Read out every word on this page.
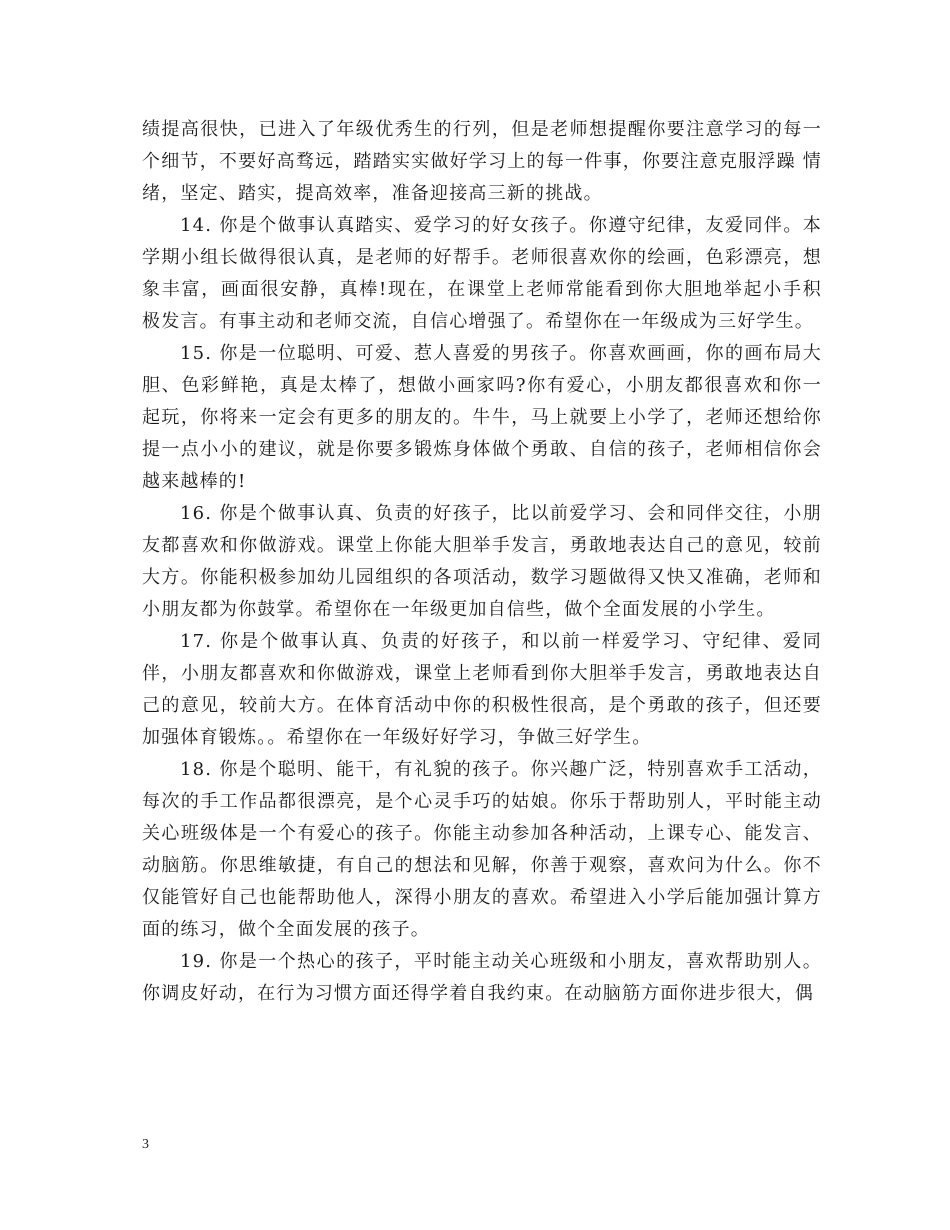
绩提高很快，已进入了年级优秀生的行列，但是老师想提醒你要注意学习的每一个细节，不要好高骛远，踏踏实实做好学习上的每一件事，你要注意克服浮躁 情绪，坚定、踏实，提高效率，准备迎接高三新的挑战。

14. 你是个做事认真踏实、爱学习的好女孩子。你遵守纪律，友爱同伴。本学期小组长做得很认真，是老师的好帮手。老师很喜欢你的绘画，色彩漂亮，想象丰富，画面很安静，真棒!现在，在课堂上老师常能看到你大胆地举起小手积极发言。有事主动和老师交流，自信心增强了。希望你在一年级成为三好学生。

15. 你是一位聪明、可爱、惹人喜爱的男孩子。你喜欢画画，你的画布局大胆、色彩鲜艳，真是太棒了，想做小画家吗?你有爱心，小朋友都很喜欢和你一起玩，你将来一定会有更多的朋友的。牛牛，马上就要上小学了，老师还想给你提一点小小的建议，就是你要多锻炼身体做个勇敢、自信的孩子，老师相信你会越来越棒的!

16. 你是个做事认真、负责的好孩子，比以前爱学习、会和同伴交往，小朋友都喜欢和你做游戏。课堂上你能大胆举手发言，勇敢地表达自己的意见，较前大方。你能积极参加幼儿园组织的各项活动，数学习题做得又快又准确，老师和小朋友都为你鼓掌。希望你在一年级更加自信些，做个全面发展的小学生。

17. 你是个做事认真、负责的好孩子，和以前一样爱学习、守纪律、爱同伴，小朋友都喜欢和你做游戏，课堂上老师看到你大胆举手发言，勇敢地表达自己的意见，较前大方。在体育活动中你的积极性很高，是个勇敢的孩子，但还要加强体育锻炼。。希望你在一年级好好学习，争做三好学生。

18. 你是个聪明、能干，有礼貌的孩子。你兴趣广泛，特别喜欢手工活动，每次的手工作品都很漂亮，是个心灵手巧的姑娘。你乐于帮助别人，平时能主动关心班级体是一个有爱心的孩子。你能主动参加各种活动，上课专心、能发言、动脑筋。你思维敏捷，有自己的想法和见解，你善于观察，喜欢问为什么。你不仅能管好自己也能帮助他人，深得小朋友的喜欢。希望进入小学后能加强计算方面的练习，做个全面发展的孩子。

19. 你是一个热心的孩子，平时能主动关心班级和小朋友，喜欢帮助别人。你调皮好动，在行为习惯方面还得学着自我约束。在动脑筋方面你进步很大，偶

3
